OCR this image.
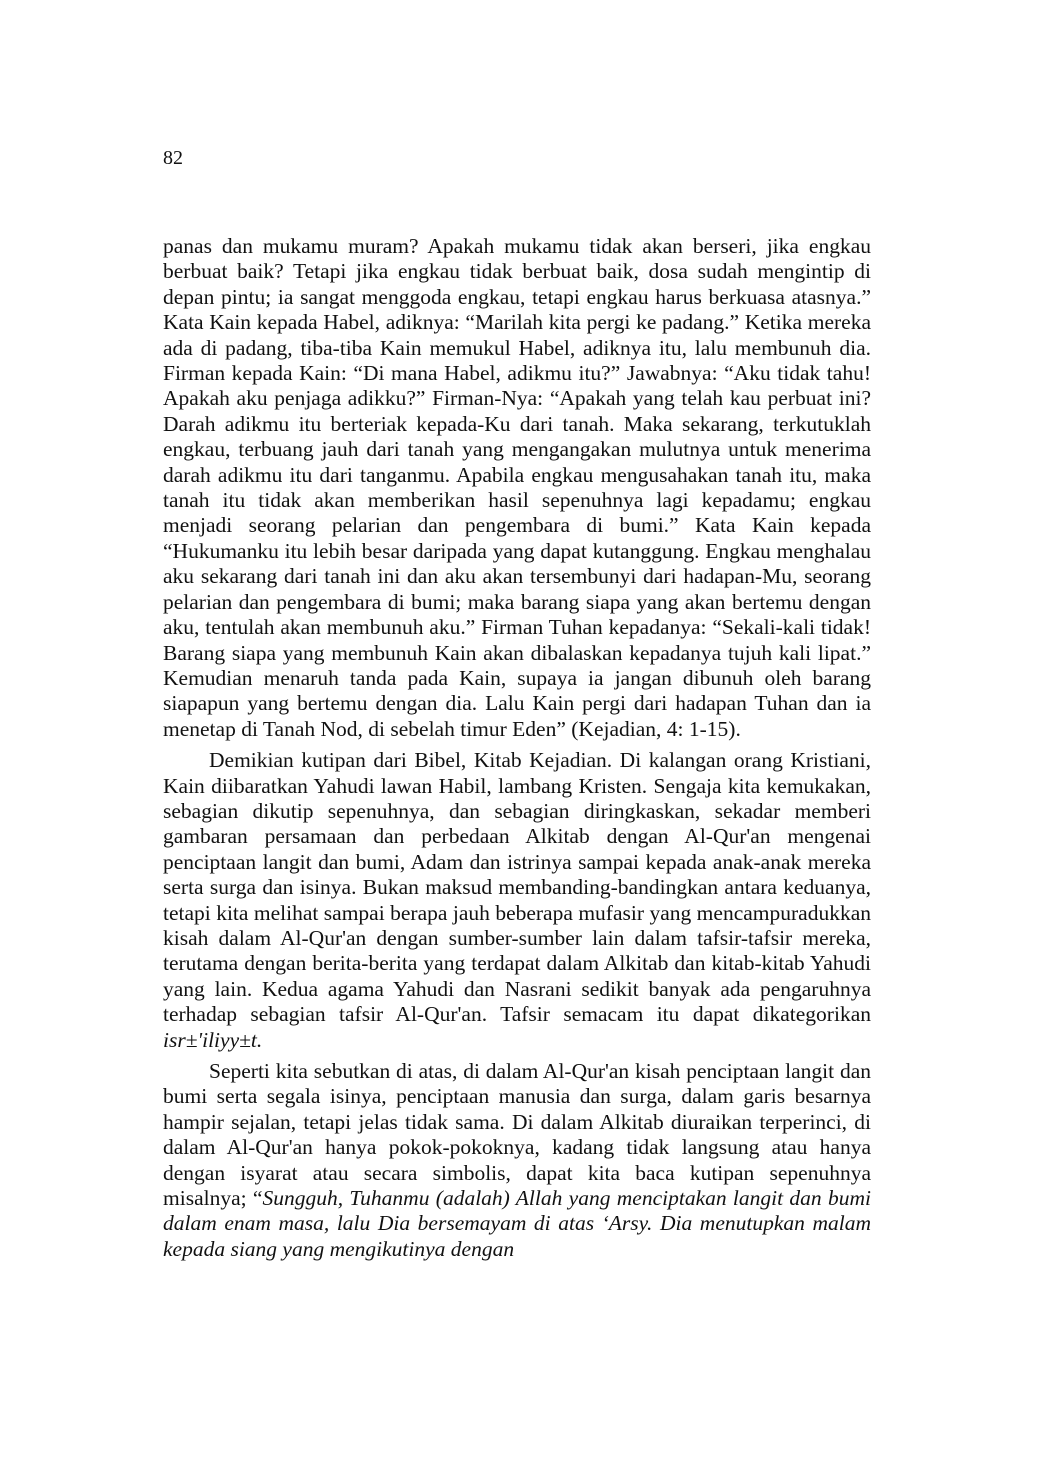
82

panas dan mukamu muram? Apakah mukamu tidak akan berseri, jika engkau berbuat baik? Tetapi jika engkau tidak berbuat baik, dosa sudah mengintip di depan pintu; ia sangat menggoda engkau, tetapi engkau harus berkuasa atasnya.” Kata Kain kepada Habel, adiknya: “Marilah kita pergi ke padang.” Ketika mereka ada di padang, tiba-tiba Kain memukul Habel, adiknya itu, lalu membunuh dia. Firman kepada Kain: “Di mana Habel, adikmu itu?” Jawabnya: “Aku tidak tahu! Apakah aku penjaga adikku?” Firman-Nya: “Apakah yang telah kau perbuat ini? Darah adikmu itu berteriak kepada-Ku dari tanah. Maka sekarang, terkutuklah engkau, terbuang jauh dari tanah yang mengangakan mulutnya untuk menerima darah adikmu itu dari tanganmu. Apabila engkau mengusahakan tanah itu, maka tanah itu tidak akan memberikan hasil sepenuhnya lagi kepadamu; engkau menjadi seorang pelarian dan pengembara di bumi.” Kata Kain kepada “Hukumanku itu lebih besar daripada yang dapat kutanggung. Engkau menghalau aku sekarang dari tanah ini dan aku akan tersembunyi dari hadapan-Mu, seorang pelarian dan pengembara di bumi; maka barang siapa yang akan bertemu dengan aku, tentulah akan membunuh aku.” Firman Tuhan kepadanya: “Sekali-kali tidak! Barang siapa yang membunuh Kain akan dibalaskan kepadanya tujuh kali lipat.” Kemudian menaruh tanda pada Kain, supaya ia jangan dibunuh oleh barang siapapun yang bertemu dengan dia. Lalu Kain pergi dari hadapan Tuhan dan ia menetap di Tanah Nod, di sebelah timur Eden” (Kejadian, 4: 1-15).

Demikian kutipan dari Bibel, Kitab Kejadian. Di kalangan orang Kristiani, Kain diibaratkan Yahudi lawan Habil, lambang Kristen. Sengaja kita kemukakan, sebagian dikutip sepenuhnya, dan sebagian diringkaskan, sekadar memberi gambaran persamaan dan perbedaan Alkitab dengan Al-Qur'an mengenai penciptaan langit dan bumi, Adam dan istrinya sampai kepada anak-anak mereka serta surga dan isinya. Bukan maksud membanding-bandingkan antara keduanya, tetapi kita melihat sampai berapa jauh beberapa mufasir yang mencampuradukkan kisah dalam Al-Qur'an dengan sumber-sumber lain dalam tafsir-tafsir mereka, terutama dengan berita-berita yang terdapat dalam Alkitab dan kitab-kitab Yahudi yang lain. Kedua agama Yahudi dan Nasrani sedikit banyak ada pengaruhnya terhadap sebagian tafsir Al-Qur'an. Tafsir semacam itu dapat dikategorikan isr±'iliyy±t.

Seperti kita sebutkan di atas, di dalam Al-Qur'an kisah penciptaan langit dan bumi serta segala isinya, penciptaan manusia dan surga, dalam garis besarnya hampir sejalan, tetapi jelas tidak sama. Di dalam Alkitab diuraikan terperinci, di dalam Al-Qur'an hanya pokok-pokoknya, kadang tidak langsung atau hanya dengan isyarat atau secara simbolis, dapat kita baca kutipan sepenuhnya misalnya; “Sungguh, Tuhanmu (adalah) Allah yang menciptakan langit dan bumi dalam enam masa, lalu Dia bersemayam di atas ‘Arsy. Dia menutupkan malam kepada siang yang mengikutinya dengan
